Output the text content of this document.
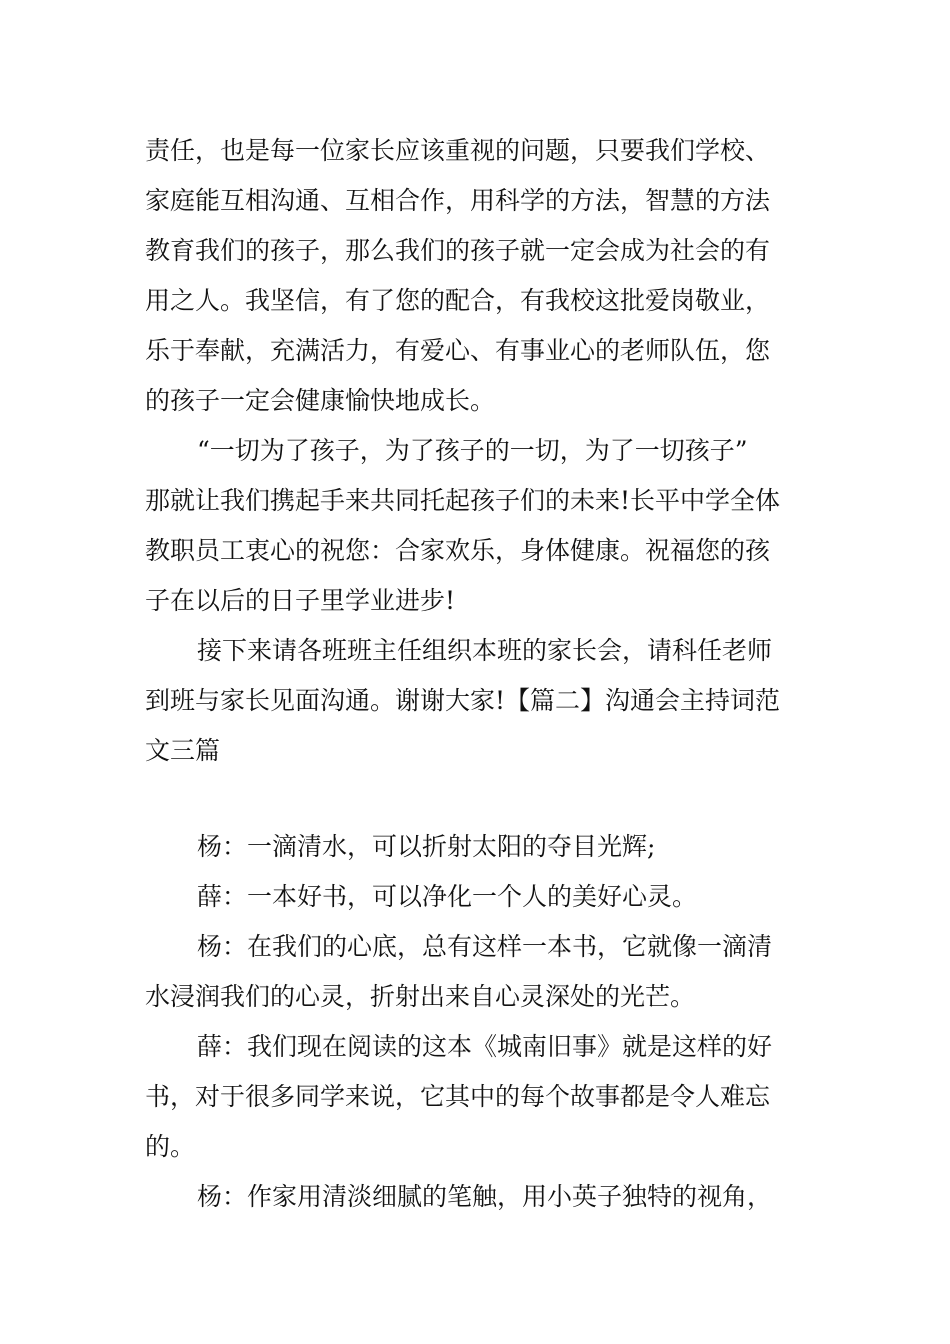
责任，也是每一位家长应该重视的问题，只要我们学校、
家庭能互相沟通、互相合作，用科学的方法，智慧的方法
教育我们的孩子，那么我们的孩子就一定会成为社会的有
用之人。我坚信，有了您的配合，有我校这批爱岗敬业，
乐于奉献，充满活力，有爱心、有事业心的老师队伍，您
的孩子一定会健康愉快地成长。
“一切为了孩子，为了孩子的一切，为了一切孩子”
那就让我们携起手来共同托起孩子们的未来!长平中学全体
教职员工衷心的祝您：合家欢乐，身体健康。祝福您的孩
子在以后的日子里学业进步!
接下来请各班班主任组织本班的家长会，请科任老师
到班与家长见面沟通。谢谢大家!【篇二】沟通会主持词范
文三篇
杨：一滴清水，可以折射太阳的夺目光辉;
薛：一本好书，可以净化一个人的美好心灵。
杨：在我们的心底，总有这样一本书，它就像一滴清
水浸润我们的心灵，折射出来自心灵深处的光芒。
薛：我们现在阅读的这本《城南旧事》就是这样的好
书，对于很多同学来说，它其中的每个故事都是令人难忘
的。
杨：作家用清淡细腻的笔触，用小英子独特的视角，
